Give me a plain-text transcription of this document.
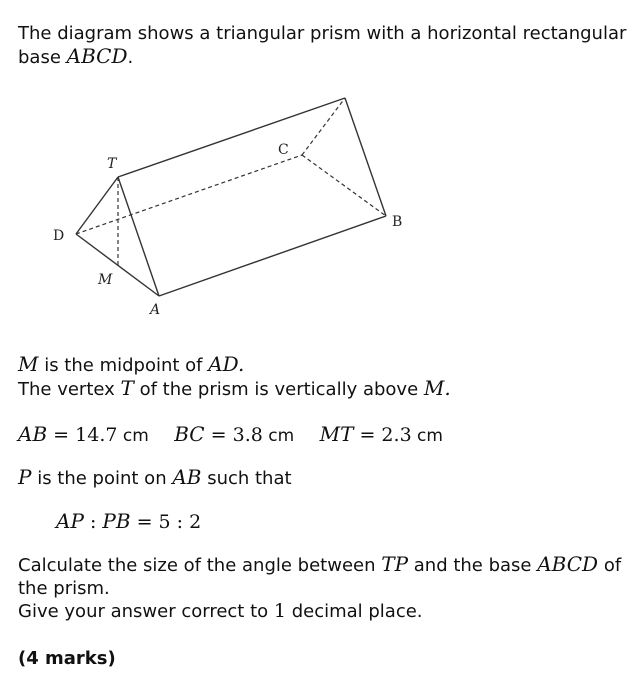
The diagram shows a triangular prism with a horizontal rectangular
base ABCD.
T
C
D
B
M
A
M is the midpoint of AD.
The vertex T of the prism is vertically above M.
AB = 14.7 cm BC = 3.8 cm MT = 2.3 cm
P is the point on AB such that
AP : PB = 5 : 2
Calculate the size of the angle between TP and the base ABCD of
the prism.
Give your answer correct to 1 decimal place.
(4 marks)
